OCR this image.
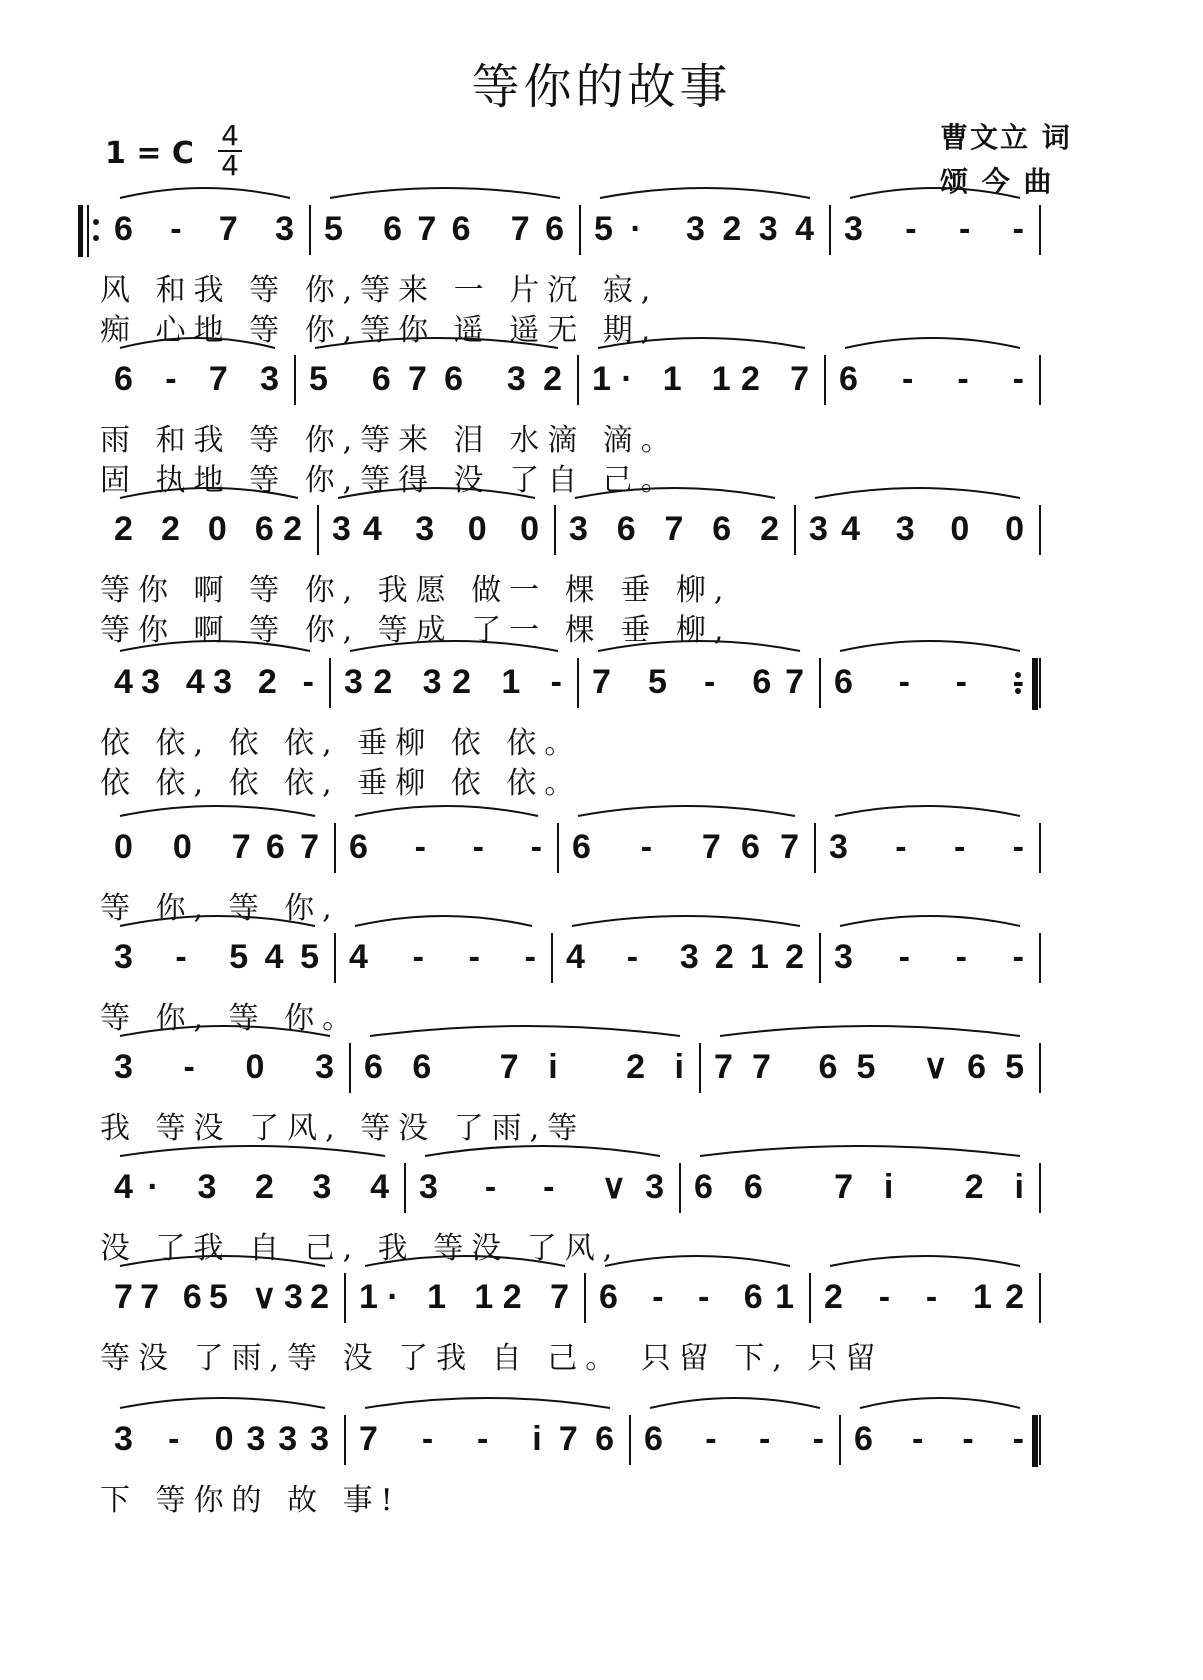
等你的故事
1 = C
4
4
曹文立 词
颂 今 曲
6 - 7 3 5 676 76 5· 3234 3 - - -
风 和我 等 你,等来 一 片沉 寂,
痴 心地 等 你,等你 遥 遥无 期,
6 - 7 3 5 676 32 1· 1 12 7 6 - - -
雨 和我 等 你,等来 泪 水滴 滴。
固 执地 等 你,等得 没 了自 己。
2 2 0 62 34 3 0 0 3 6 7 6 2 34 3 0 0
等你 啊 等 你, 我愿 做一 棵 垂 柳,
等你 啊 等 你, 等成 了一 棵 垂 柳,
43 43 2 - 32 32 1 - 7 5 - 67 6 - - -
依 依, 依 依, 垂柳 依 依。
依 依, 依 依, 垂柳 依 依。
0 0 767 6 - - - 6 - 767 3 - - -
等 你, 等 你,
3 - 545 4 - - - 4 - 3212 3 - - -
等 你, 等 你。
3 - 0 3 66 7i 2i 77 65 ∨65
我 等没 了风, 等没 了雨,等
4· 3 2 3 4 3 - - ∨3 66 7i 2i
没 了我 自 己, 我 等没 了风,
77 65 ∨32 1· 1 12 7 6 - - 61 2 - - 12
等没 了雨,等 没 了我 自 己。 只留 下, 只留
3 - 0333 7 - - i76 6 - - - 6 - - -
下 等你的 故 事!
